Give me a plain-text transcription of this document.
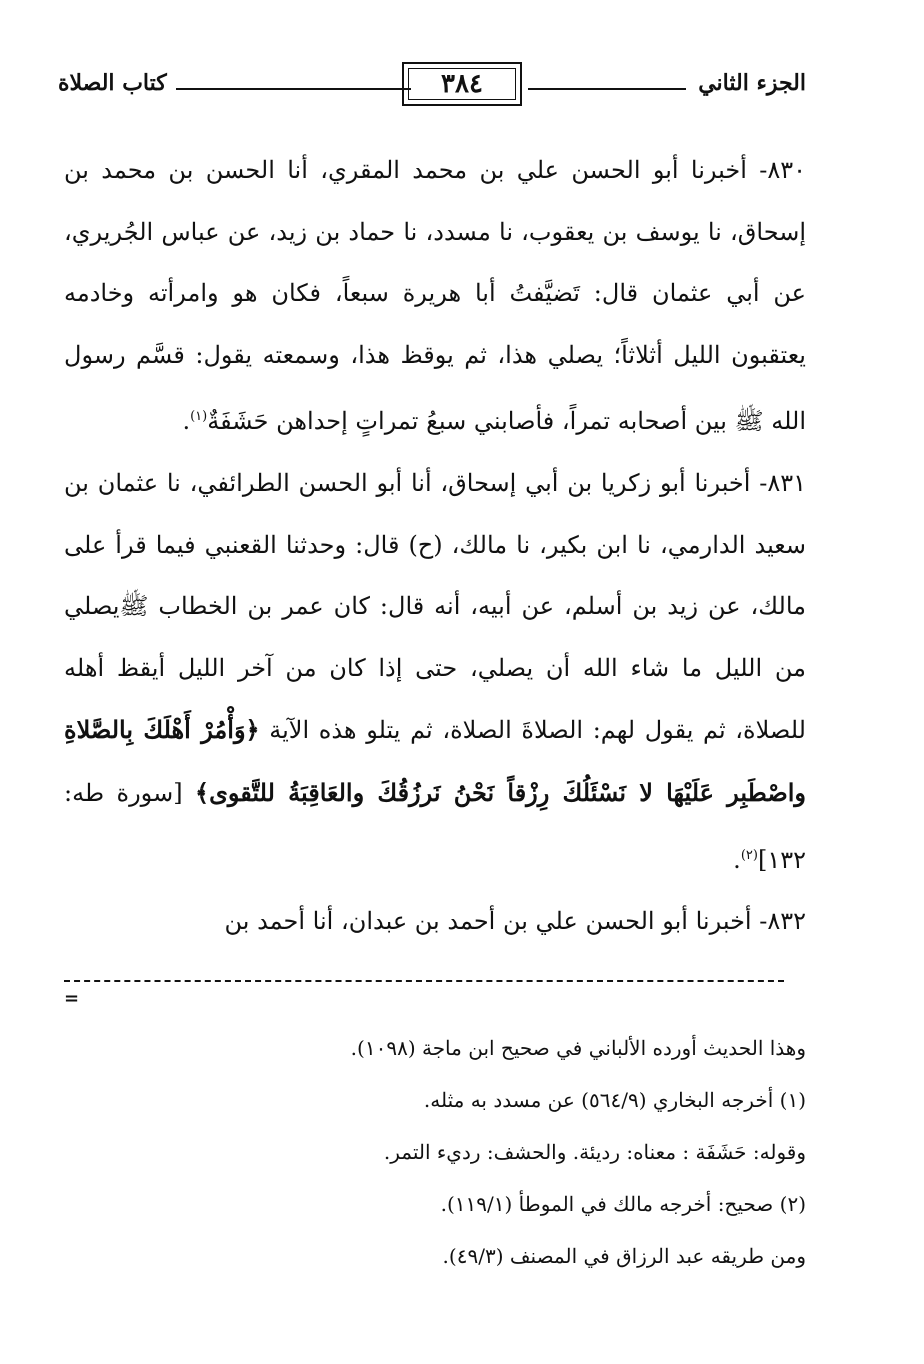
الجزء الثاني
٣٨٤
كتاب الصلاة

٨٣٠- أخبرنا أبو الحسن علي بن محمد المقري، أنا الحسن بن محمد بن إسحاق، نا يوسف بن يعقوب، نا مسدد، نا حماد بن زيد، عن عباس الجُريري، عن أبي عثمان قال: تَضيَّفتُ أبا هريرة سبعاً، فكان هو وامرأته وخادمه يعتقبون الليل أثلاثاً؛ يصلي هذا، ثم يوقظ هذا، وسمعته يقول: قسَّم رسول الله ﷺ بين أصحابه تمراً، فأصابني سبعُ تمراتٍ إحداهن حَشَفَةٌ$^{(١)}$.

٨٣١- أخبرنا أبو زكريا بن أبي إسحاق، أنا أبو الحسن الطرائفي، نا عثمان بن سعيد الدارمي، نا ابن بكير، نا مالك، (ح) قال: وحدثنا القعنبي فيما قرأ على مالك، عن زيد بن أسلم، عن أبيه، أنه قال: كان عمر بن الخطاب ﷺيصلي من الليل ما شاء الله أن يصلي، حتى إذا كان من آخر الليل أيقظ أهله للصلاة، ثم يقول لهم: الصلاةَ الصلاة، ثم يتلو هذه الآية ﴿وَأْمُرْ أَهْلَكَ بِالصَّلاةِ واصْطَبِر عَلَيْهَا لا نَسْئَلُكَ رِزْقاً نَحْنُ نَرزُقُكَ والعَاقِبَةُ للتَّقوى﴾ [سورة طه: ١٣٢]$^{(٢)}$.

٨٣٢- أخبرنا أبو الحسن علي بن أحمد بن عبدان، أنا أحمد بن

=

وهذا الحديث أورده الألباني في صحيح ابن ماجة (١٠٩٨).

(١) أخرجه البخاري (٥٦٤/٩) عن مسدد به مثله.

وقوله: حَشَفَة : معناه: رديئة. والحشف: رديء التمر.

(٢) صحيح: أخرجه مالك في الموطأ (١١٩/١).

ومن طريقه عبد الرزاق في المصنف (٤٩/٣).
